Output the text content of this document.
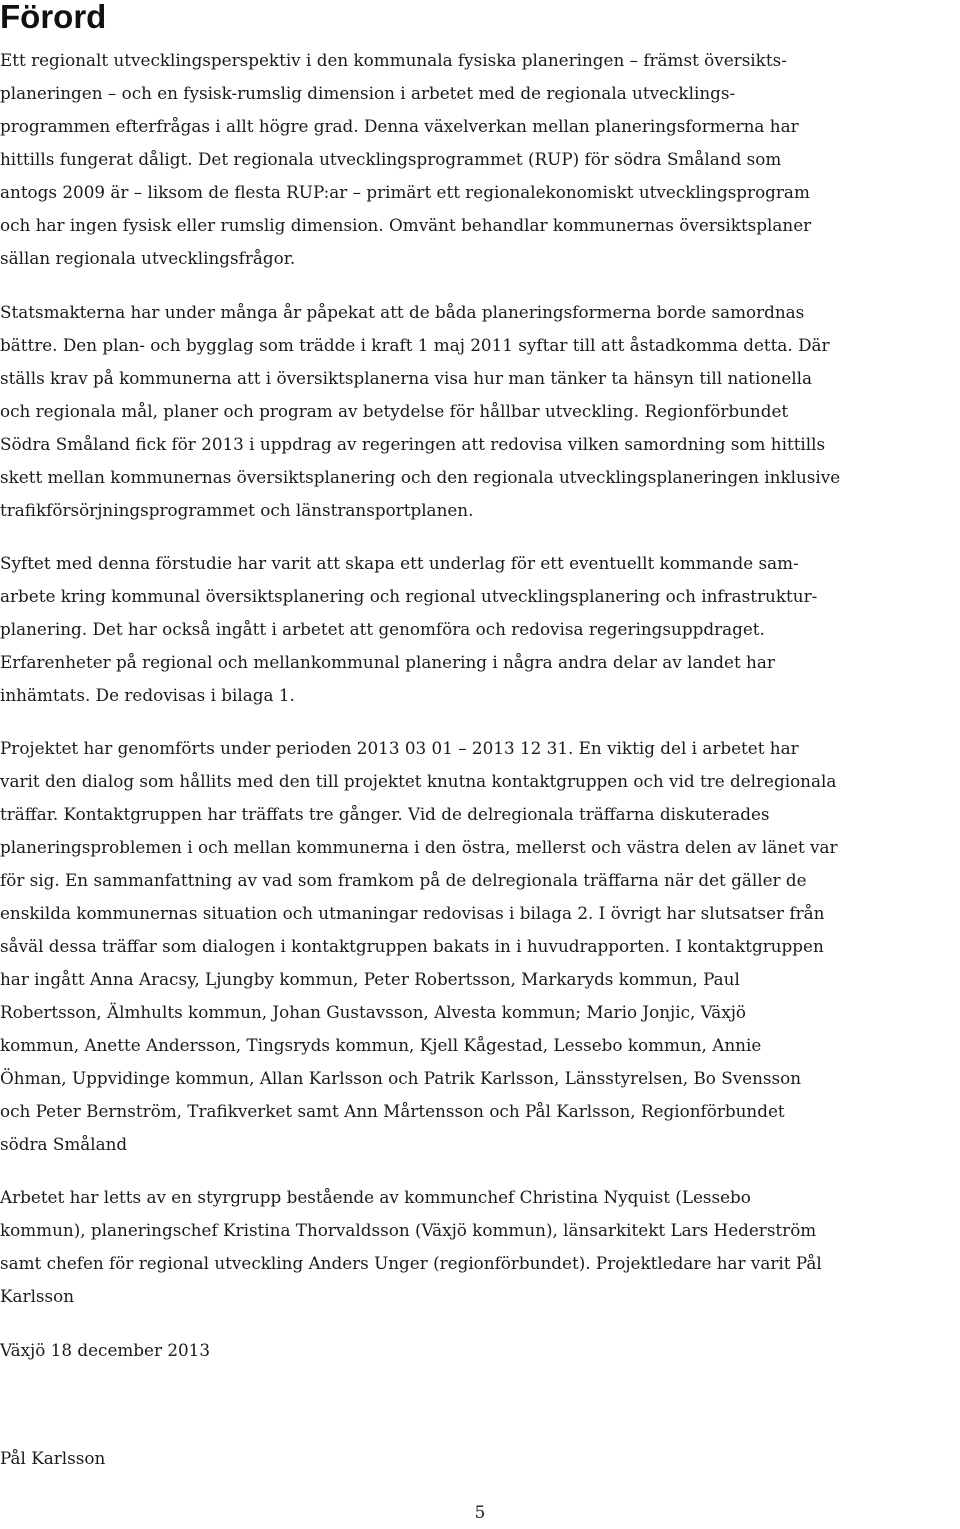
Förord
Ett regionalt utvecklingsperspektiv i den kommunala fysiska planeringen – främst översikts-
planeringen – och en fysisk-rumslig dimension i arbetet med de regionala utvecklings-
programmen efterfrågas i allt högre grad. Denna växelverkan mellan planeringsformerna har
hittills fungerat dåligt. Det regionala utvecklingsprogrammet (RUP) för södra Småland som
antogs 2009 är – liksom de flesta RUP:ar – primärt ett regionalekonomiskt utvecklingsprogram
och har ingen fysisk eller rumslig dimension. Omvänt behandlar kommunernas översiktsplaner
sällan regionala utvecklingsfrågor.
Statsmakterna har under många år påpekat att de båda planeringsformerna borde samordnas
bättre. Den plan- och bygglag som trädde i kraft 1 maj 2011 syftar till att åstadkomma detta. Där
ställs krav på kommunerna att i översiktsplanerna visa hur man tänker ta hänsyn till nationella
och regionala mål, planer och program av betydelse för hållbar utveckling. Regionförbundet
Södra Småland fick för 2013 i uppdrag av regeringen att redovisa vilken samordning som hittills
skett mellan kommunernas översiktsplanering och den regionala utvecklingsplaneringen inklusive
trafikförsörjningsprogrammet och länstransportplanen.
Syftet med denna förstudie har varit att skapa ett underlag för ett eventuellt kommande sam-
arbete kring kommunal översiktsplanering och regional utvecklingsplanering och infrastruktur-
planering. Det har också ingått i arbetet att genomföra och redovisa regeringsuppdraget.
Erfarenheter på regional och mellankommunal planering i några andra delar av landet har
inhämtats. De redovisas i bilaga 1.
Projektet har genomförts under perioden 2013 03 01 – 2013 12 31. En viktig del i arbetet har
varit den dialog som hållits med den till projektet knutna kontaktgruppen och vid tre delregionala
träffar. Kontaktgruppen har träffats tre gånger. Vid de delregionala träffarna diskuterades
planeringsproblemen i och mellan kommunerna i den östra, mellerst och västra delen av länet var
för sig. En sammanfattning av vad som framkom på de delregionala träffarna när det gäller de
enskilda kommunernas situation och utmaningar redovisas i bilaga 2. I övrigt har slutsatser från
såväl dessa träffar som dialogen i kontaktgruppen bakats in i huvudrapporten. I kontaktgruppen
har ingått Anna Aracsy, Ljungby kommun, Peter Robertsson, Markaryds kommun, Paul
Robertsson, Älmhults kommun, Johan Gustavsson, Alvesta kommun; Mario Jonjic, Växjö
kommun, Anette Andersson, Tingsryds kommun, Kjell Kågestad, Lessebo kommun, Annie
Öhman, Uppvidinge kommun, Allan Karlsson och Patrik Karlsson, Länsstyrelsen, Bo Svensson
och Peter Bernström, Trafikverket samt Ann Mårtensson och Pål Karlsson, Regionförbundet
södra Småland
Arbetet har letts av en styrgrupp bestående av kommunchef Christina Nyquist (Lessebo
kommun), planeringschef Kristina Thorvaldsson (Växjö kommun), länsarkitekt Lars Hederström
samt chefen för regional utveckling Anders Unger (regionförbundet). Projektledare har varit Pål
Karlsson

Växjö 18 december 2013

Pål Karlsson

5
